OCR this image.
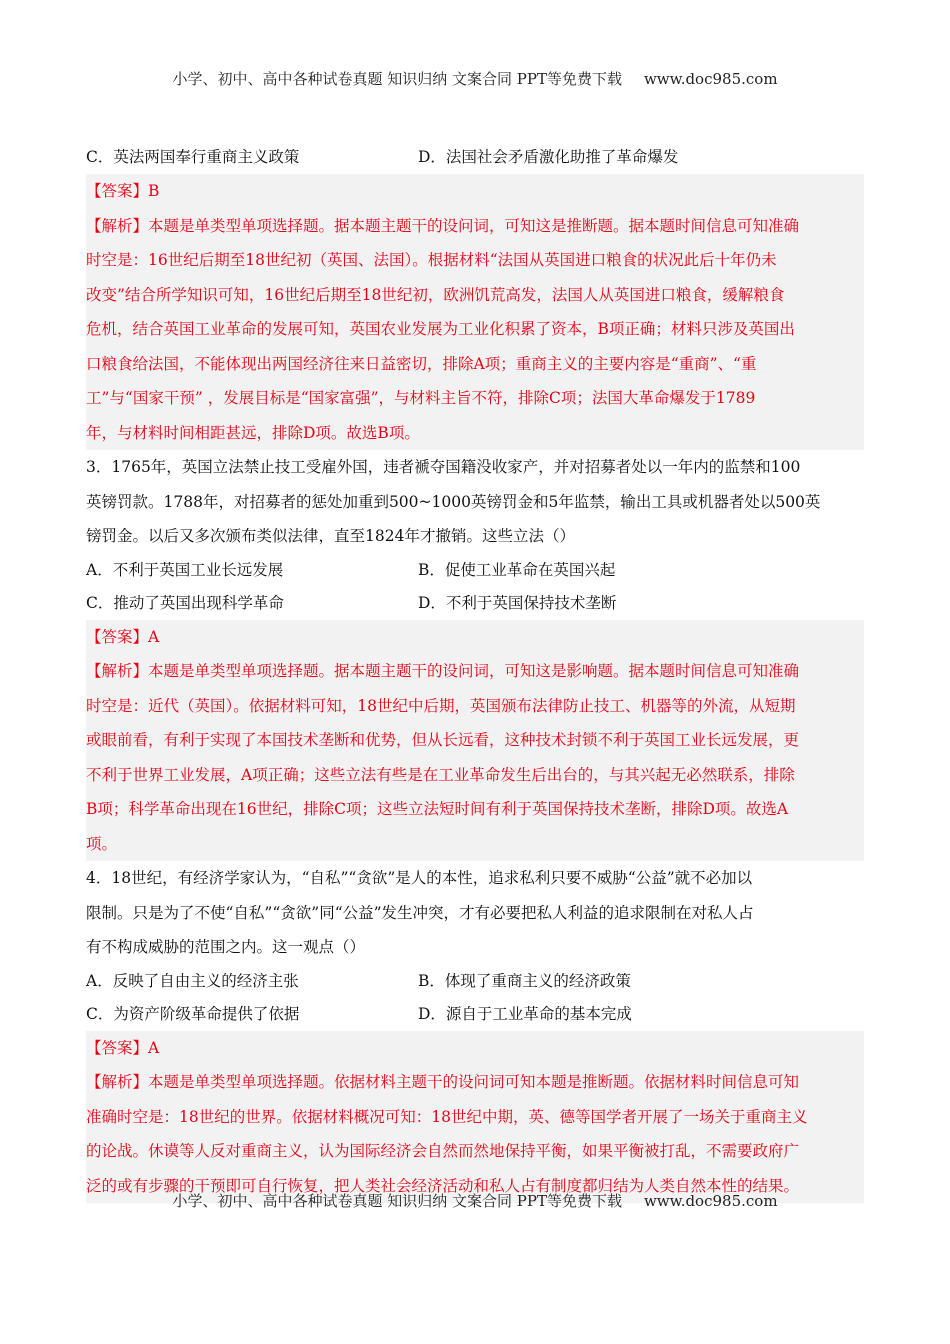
小学、初中、高中各种试卷真题 知识归纳 文案合同 PPT等免费下载 www.doc985.com
C．英法两国奉行重商主义政策	D．法国社会矛盾激化助推了革命爆发
【答案】B
【解析】本题是单类型单项选择题。据本题主题干的设问词，可知这是推断题。据本题时间信息可知准确
时空是：16世纪后期至18世纪初（英国、法国）。根据材料“法国从英国进口粮食的状况此后十年仍未
改变”结合所学知识可知，16世纪后期至18世纪初，欧洲饥荒高发，法国人从英国进口粮食，缓解粮食
危机，结合英国工业革命的发展可知，英国农业发展为工业化积累了资本，B项正确；材料只涉及英国出
口粮食给法国，不能体现出两国经济往来日益密切，排除A项；重商主义的主要内容是“重商”、“重
工”与“国家干预” ，发展目标是“国家富强”，与材料主旨不符，排除C项；法国大革命爆发于1789
年，与材料时间相距甚远，排除D项。故选B项。
3．1765年，英国立法禁止技工受雇外国，违者褫夺国籍没收家产，并对招募者处以一年内的监禁和100
英镑罚款。1788年，对招募者的惩处加重到500~1000英镑罚金和5年监禁，输出工具或机器者处以500英
镑罚金。以后又多次颁布类似法律，直至1824年才撤销。这些立法（）
A．不利于英国工业长远发展	B．促使工业革命在英国兴起
C．推动了英国出现科学革命	D．不利于英国保持技术垄断
【答案】A
【解析】本题是单类型单项选择题。据本题主题干的设问词，可知这是影响题。据本题时间信息可知准确
时空是：近代（英国）。依据材料可知，18世纪中后期，英国颁布法律防止技工、机器等的外流，从短期
或眼前看，有利于实现了本国技术垄断和优势，但从长远看，这种技术封锁不利于英国工业长远发展，更
不利于世界工业发展，A项正确；这些立法有些是在工业革命发生后出台的，与其兴起无必然联系，排除
B项；科学革命出现在16世纪，排除C项；这些立法短时间有利于英国保持技术垄断，排除D项。故选A
项。
4．18世纪，有经济学家认为，“自私”“贪欲”是人的本性，追求私利只要不威胁“公益”就不必加以
限制。只是为了不使“自私”“贪欲”同“公益”发生冲突，才有必要把私人利益的追求限制在对私人占
有不构成威胁的范围之内。这一观点（）
A．反映了自由主义的经济主张	B．体现了重商主义的经济政策
C．为资产阶级革命提供了依据	D．源自于工业革命的基本完成
【答案】A
【解析】本题是单类型单项选择题。依据材料主题干的设问词可知本题是推断题。依据材料时间信息可知
准确时空是：18世纪的世界。依据材料概况可知：18世纪中期，英、德等国学者开展了一场关于重商主义
的论战。休谟等人反对重商主义，认为国际经济会自然而然地保持平衡，如果平衡被打乱，不需要政府广
泛的或有步骤的干预即可自行恢复，把人类社会经济活动和私人占有制度都归结为人类自然本性的结果。
小学、初中、高中各种试卷真题 知识归纳 文案合同 PPT等免费下载 www.doc985.com
